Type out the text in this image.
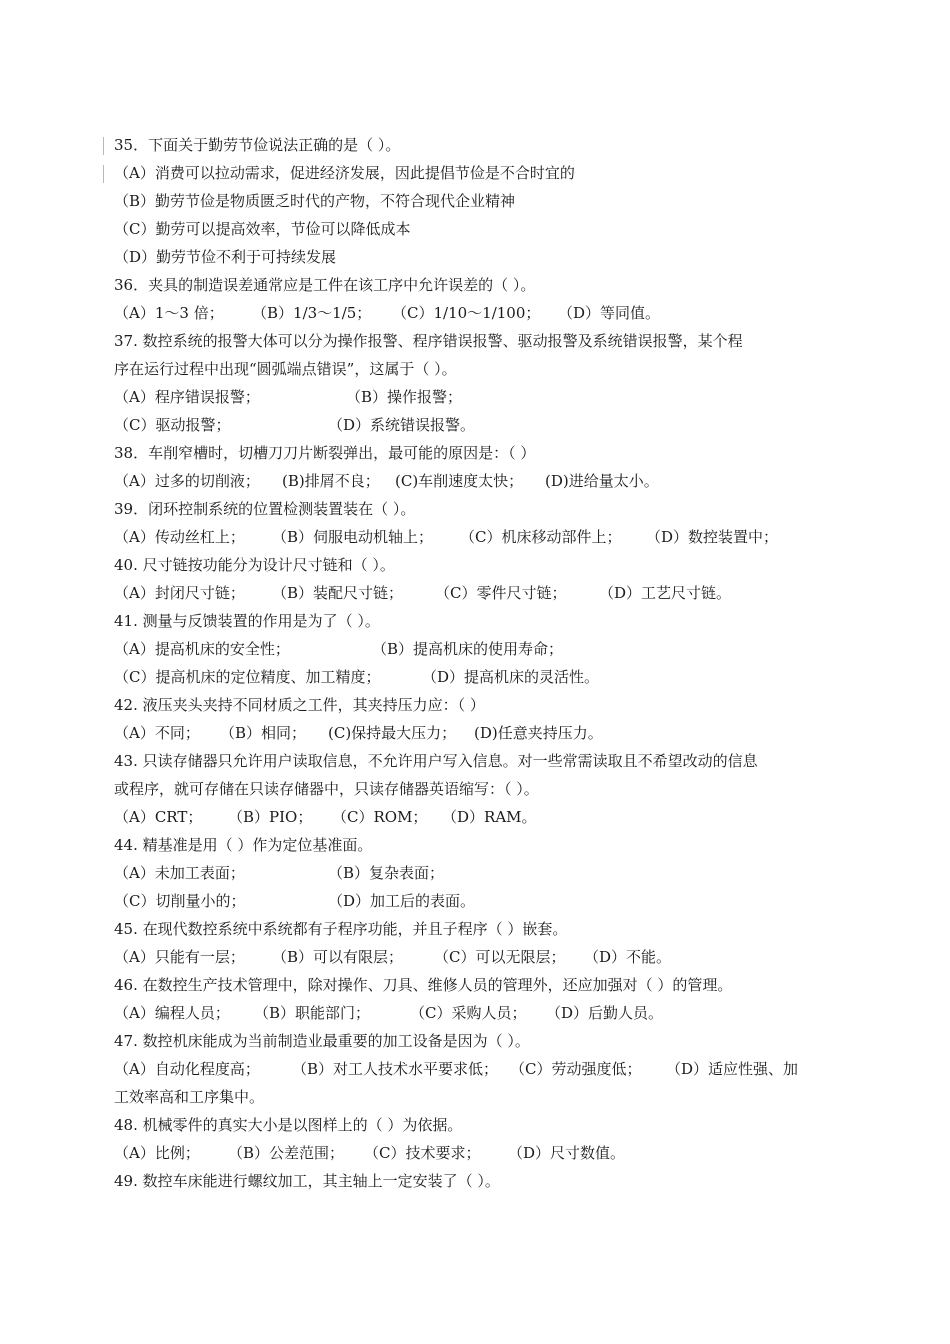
35．下面关于勤劳节俭说法正确的是（ ）。
（A）消费可以拉动需求，促进经济发展，因此提倡节俭是不合时宜的
（B）勤劳节俭是物质匮乏时代的产物，不符合现代企业精神
（C）勤劳可以提高效率，节俭可以降低成本
（D）勤劳节俭不利于可持续发展
36．夹具的制造误差通常应是工件在该工序中允许误差的（ ）。
（A）1～3 倍；	（B）1/3～1/5；	（C）1/10～1/100；	（D）等同值。
37. 数控系统的报警大体可以分为操作报警、程序错误报警、驱动报警及系统错误报警，某个程
序在运行过程中出现“圆弧端点错误”，这属于（ ）。
（A）程序错误报警；	（B）操作报警；
（C）驱动报警；	（D）系统错误报警。
38．车削窄槽时，切槽刀刀片断裂弹出，最可能的原因是：（ ）
（A）过多的切削液；	(B)排屑不良；	(C)车削速度太快；	(D)进给量太小。
39．闭环控制系统的位置检测装置装在（ ）。
（A）传动丝杠上；	（B）伺服电动机轴上；	（C）机床移动部件上；	（D）数控装置中；
40. 尺寸链按功能分为设计尺寸链和（ ）。
（A）封闭尺寸链；	（B）装配尺寸链；	（C）零件尺寸链；	（D）工艺尺寸链。
41. 测量与反馈装置的作用是为了（ ）。
（A）提高机床的安全性；	（B）提高机床的使用寿命；
（C）提高机床的定位精度、加工精度；	（D）提高机床的灵活性。
42. 液压夹头夹持不同材质之工件，其夹持压力应：（ ）
（A）不同；	（B）相同；	(C)保持最大压力；	(D)任意夹持压力。
43. 只读存储器只允许用户读取信息，不允许用户写入信息。对一些常需读取且不希望改动的信息
或程序，就可存储在只读存储器中，只读存储器英语缩写：（ ）。
（A）CRT；	（B）PIO；	（C）ROM； （D）RAM。
44. 精基准是用（ ）作为定位基准面。
（A）未加工表面；	（B）复杂表面；
（C）切削量小的；	（D）加工后的表面。
45. 在现代数控系统中系统都有子程序功能，并且子程序（ ）嵌套。
（A）只能有一层；	（B）可以有限层；	（C）可以无限层；	（D）不能。
46. 在数控生产技术管理中，除对操作、刀具、维修人员的管理外，还应加强对（ ）的管理。
（A）编程人员；	（B）职能部门；	（C）采购人员；	（D）后勤人员。
47. 数控机床能成为当前制造业最重要的加工设备是因为（ ）。
（A）自动化程度高；	（B）对工人技术水平要求低； （C）劳动强度低；	（D）适应性强、加
工效率高和工序集中。
48. 机械零件的真实大小是以图样上的（ ）为依据。
（A）比例；	（B）公差范围；	（C）技术要求；	（D）尺寸数值。
49. 数控车床能进行螺纹加工，其主轴上一定安装了（ ）。
